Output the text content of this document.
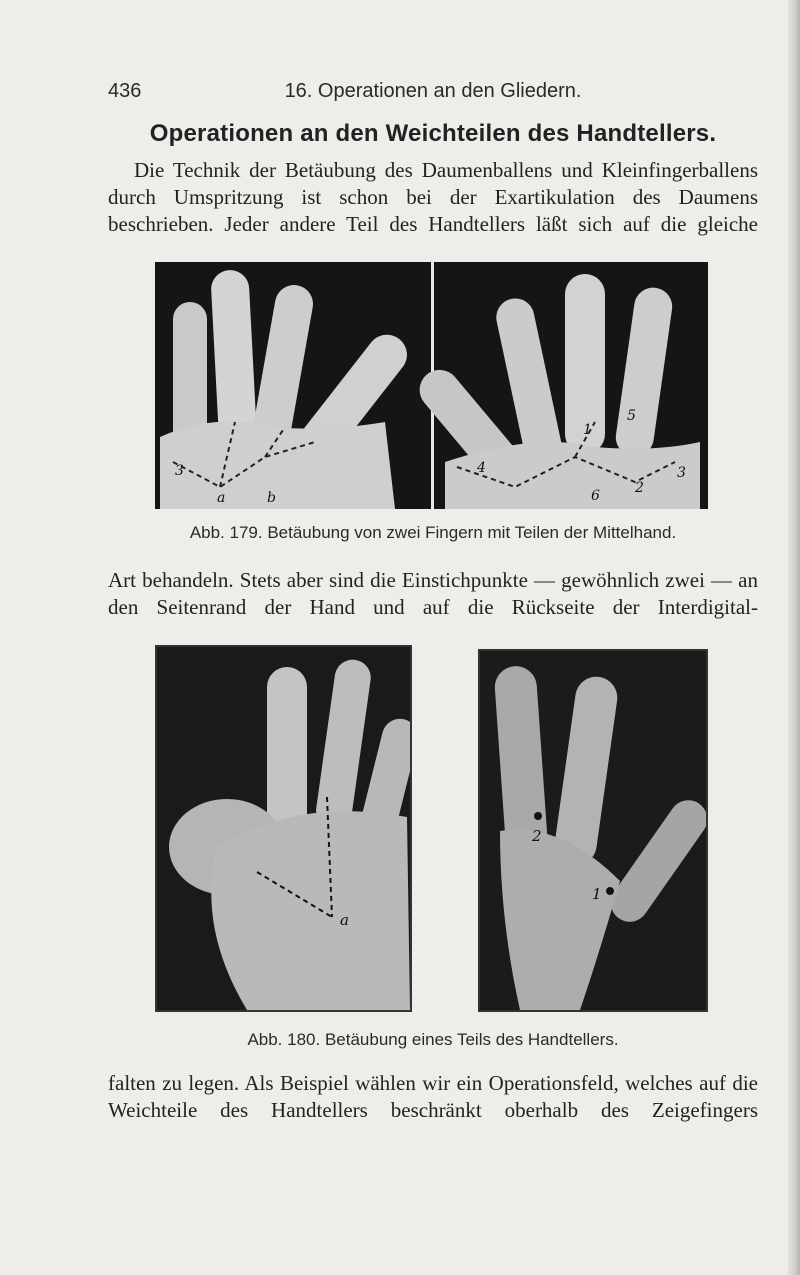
436	16. Operationen an den Gliedern.
Operationen an den Weichteilen des Handtellers.

Die Technik der Betäubung des Daumenballens und Kleinfingerballens durch Umspritzung ist schon bei der Exartikulation des Daumens beschrieben. Jeder andere Teil des Handtellers läßt sich auf die gleiche

3
a	b
1
5
4	3
2
6
Abb. 179. Betäubung von zwei Fingern mit Teilen der Mittelhand.

Art behandeln. Stets aber sind die Einstichpunkte — gewöhnlich zwei — an den Seitenrand der Hand und auf die Rückseite der Interdigital-

a
2
1
Abb. 180. Betäubung eines Teils des Handtellers.

falten zu legen. Als Beispiel wählen wir ein Operationsfeld, welches auf die Weichteile des Handtellers beschränkt oberhalb des Zeigefingers
